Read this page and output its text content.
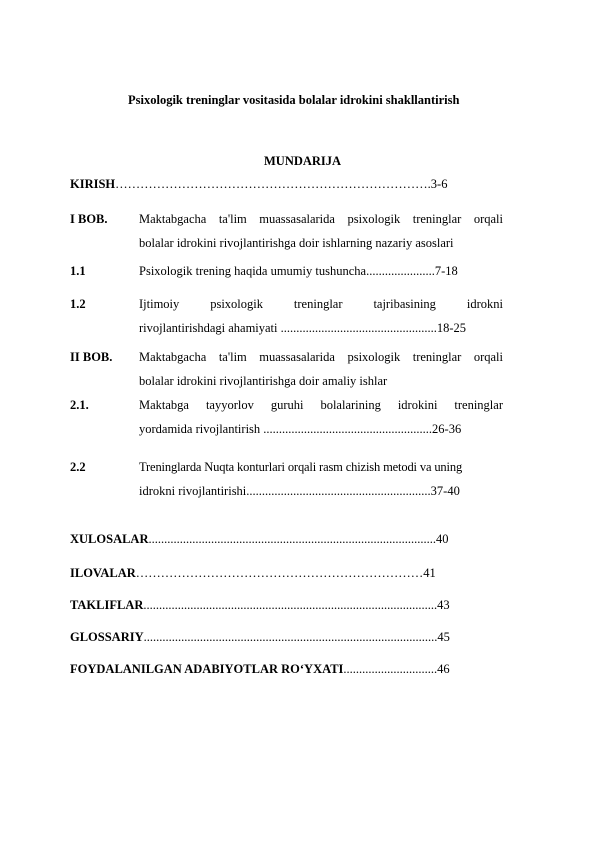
Psixologik treninglar vositasida bolalar idrokini shakllantirish
MUNDARIJA
KIRISH………………………………………………………………….3-6
I BOB.	Maktabgacha ta'lim muassasalarida psixologik treninglar orqali
bolalar idrokini rivojlantirishga doir ishlarning nazariy asoslari
1.1	Psixologik trening haqida umumiy tushuncha......................7-18
1.2	Ijtimoiy psixologik treninglar tajribasining idrokni
rivojlantirishdagi ahamiyati ..................................................18-25
II BOB. Maktabgacha ta'lim muassasalarida psixologik treninglar orqali
bolalar idrokini rivojlantirishga doir amaliy ishlar
2.1.	Maktabga tayyorlov guruhi bolalarining idrokini treninglar
yordamida rivojlantirish ......................................................26-36
2.2	Treninglarda Nuqta konturlari orqali rasm chizish metodi va uning
idrokni rivojlantirishi...........................................................37-40
XULOSALAR............................................................................................40
ILOVALAR……………………………………………………………41
TAKLIFLAR..............................................................................................43
GLOSSARIY..............................................................................................45
FOYDALANILGAN ADABIYOTLAR RO‘YXATI..............................46
